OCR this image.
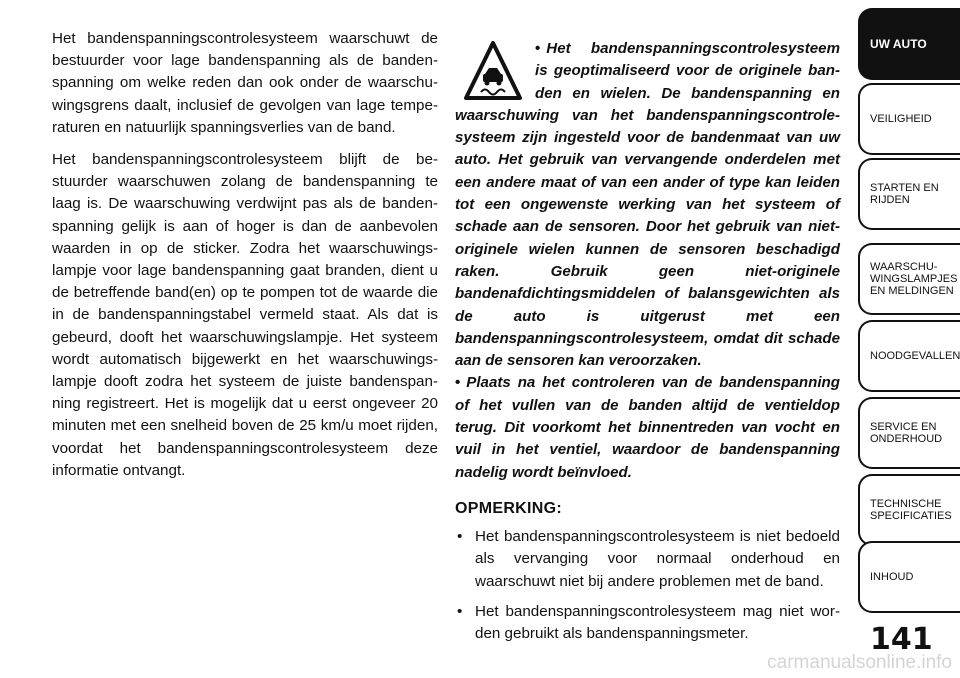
Het bandenspanningscontrolesysteem waarschuwt de bestuurder voor lage bandenspanning als de bandenspanning om welke reden dan ook onder de waarschuwingsgrens daalt, inclusief de gevolgen van lage temperaturen en natuurlijk spanningsverlies van de band.

Het bandenspanningscontrolesysteem blijft de bestuurder waarschuwen zolang de bandenspanning te laag is. De waarschuwing verdwijnt pas als de bandenspanning gelijk is aan of hoger is dan de aanbevolen waarden in op de sticker. Zodra het waarschuwingslampje voor lage bandenspanning gaat branden, dient u de betreffende band(en) op te pompen tot de waarde die in de bandenspanningstabel vermeld staat. Als dat is gebeurd, dooft het waarschuwingslampje. Het systeem wordt automatisch bijgewerkt en het waarschuwingslampje dooft zodra het systeem de juiste bandenspanning registreert. Het is mogelijk dat u eerst ongeveer 20 minuten met een snelheid boven de 25 km/u moet rijden, voordat het bandenspanningscontrolesysteem deze informatie ontvangt.

• Het bandenspanningscontrolesysteem is geoptimaliseerd voor de originele banden en wielen. De bandenspanning en waarschuwing van het bandenspanningscontrolesysteem zijn ingesteld voor de bandenmaat van uw auto. Het gebruik van vervangende onderdelen met een andere maat of van een ander of type kan leiden tot een ongewenste werking van het systeem of schade aan de sensoren. Door het gebruik van niet-originele wielen kunnen de sensoren beschadigd raken. Gebruik geen niet-originele bandenafdichtingsmiddelen of balansgewichten als de auto is uitgerust met een bandenspanningscontrolesysteem, omdat dit schade aan de sensoren kan veroorzaken.

• Plaats na het controleren van de bandenspanning of het vullen van de banden altijd de ventieldop terug. Dit voorkomt het binnentreden van vocht en vuil in het ventiel, waardoor de bandenspanning nadelig wordt beïnvloed.

OPMERKING:
• Het bandenspanningscontrolesysteem is niet bedoeld als vervanging voor normaal onderhoud en waarschuwt niet bij andere problemen met de band.
• Het bandenspanningscontrolesysteem mag niet worden gebruikt als bandenspanningsmeter.
UW AUTO
VEILIGHEID
STARTEN EN
RIJDEN
WAARSCHU-
WINGSLAMPJES
EN MELDINGEN
NOODGEVALLEN
SERVICE EN
ONDERHOUD
TECHNISCHE
SPECIFICATIES
INHOUD
141
carmanualsonline.info
